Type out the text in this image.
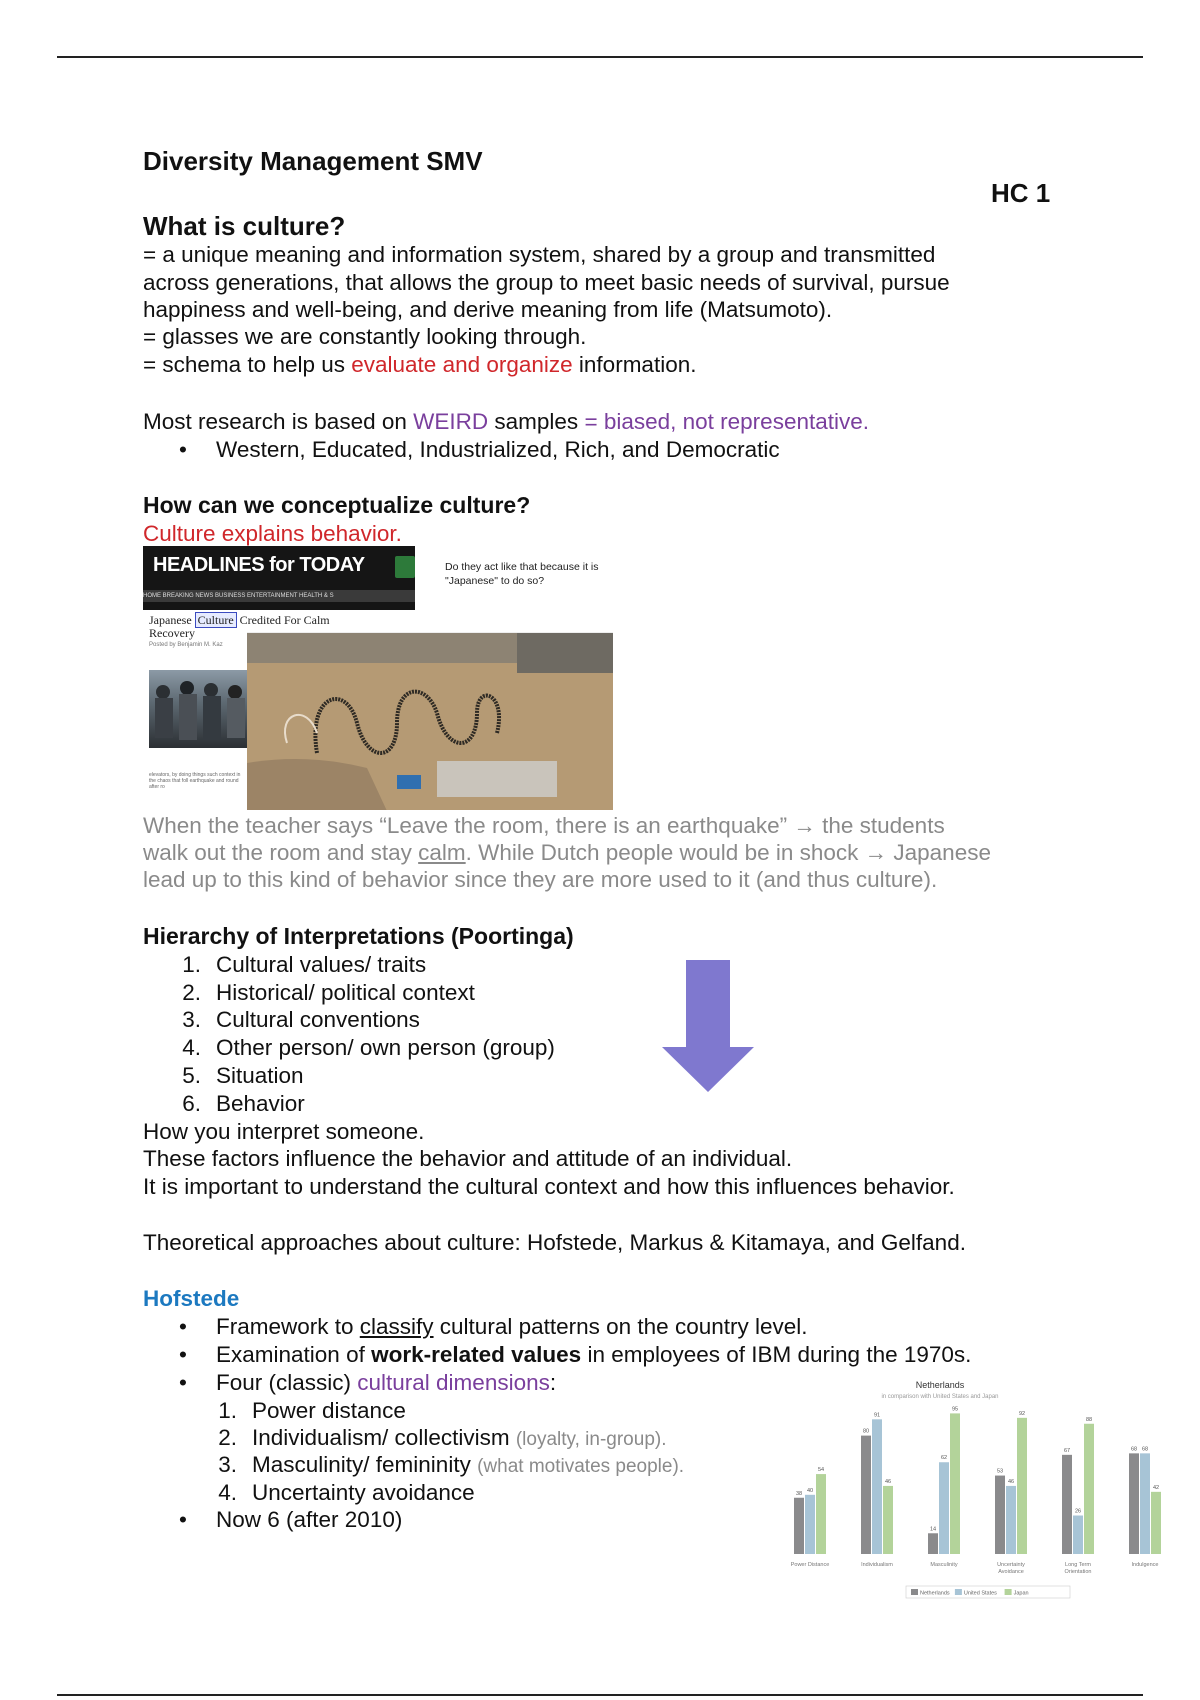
Diversity Management SMV
HC 1
What is culture?
= a unique meaning and information system, shared by a group and transmitted
across generations, that allows the group to meet basic needs of survival, pursue
happiness and well-being, and derive meaning from life (Matsumoto).
= glasses we are constantly looking through.
= schema to help us evaluate and organize information.
Most research is based on WEIRD samples = biased, not representative.
• Western, Educated, Industrialized, Rich, and Democratic
How can we conceptualize culture?
Culture explains behavior.
HEADLINES for TODAY
HOME BREAKING NEWS BUSINESS ENTERTAINMENT HEALTH & S
Do they act like that because it is "Japanese" to do so?
Japanese Culture Credited For Calm
Recovery
Posted by Benjamin M. Kaz
elevators, by doing things such context in the chaos that foll earthquake and round after ro
When the teacher says “Leave the room, there is an earthquake” → the students
walk out the room and stay calm. While Dutch people would be in shock → Japanese
lead up to this kind of behavior since they are more used to it (and thus culture).
Hierarchy of Interpretations (Poortinga)
1. Cultural values/ traits
2. Historical/ political context
3. Cultural conventions
4. Other person/ own person (group)
5. Situation
6. Behavior
How you interpret someone.
These factors influence the behavior and attitude of an individual.
It is important to understand the cultural context and how this influences behavior.
Theoretical approaches about culture: Hofstede, Markus & Kitamaya, and Gelfand.
Hofstede
• Framework to classify cultural patterns on the country level.
• Examination of work-related values in employees of IBM during the 1970s.
• Four (classic) cultural dimensions:
1. Power distance
2. Individualism/ collectivism (loyalty, in-group).
3. Masculinity/ femininity (what motivates people).
4. Uncertainty avoidance
• Now 6 (after 2010)
Netherlands
in comparison with United States and Japan
38 40
54
80
91
46
14
62
95
53
46
92
67
26
88
68 68
42
Power Distance	Individualism	Masculinity	Uncertainty
Avoidance
Long Term
Orientation
Indulgence
Netherlands	United States	Japan
